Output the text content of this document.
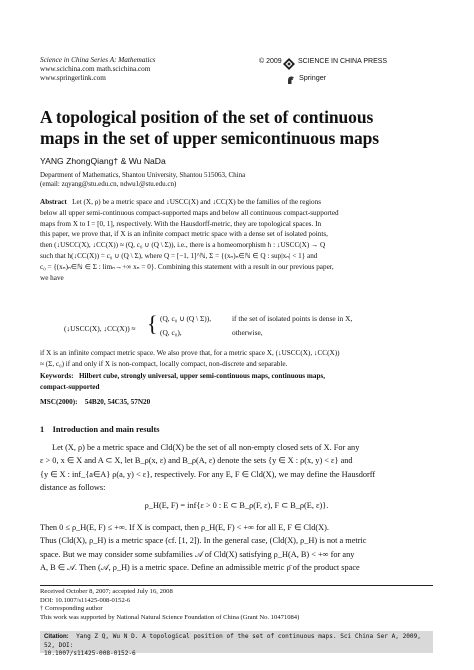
Science in China Series A: Mathematics
www.scichina.com math.scichina.com
www.springerlink.com
© 2009 SCIENCE IN CHINA PRESS
Springer
A topological position of the set of continuous
maps in the set of upper semicontinuous maps
YANG ZhongQiang† & Wu NaDa
Department of Mathematics, Shantou University, Shantou 515063, China
(email: zqyang@stu.edu.cn, ndwu1@stu.edu.cn)
Abstract Let (X, ρ) be a metric space and ↓USCC(X) and ↓CC(X) be the families of the regions
below all upper semi-continuous compact-supported maps and below all continuous compact-supported
maps from X to I = [0, 1], respectively. With the Hausdorff-metric, they are topological spaces. In
this paper, we prove that, if X is an infinite compact metric space with a dense set of isolated points,
then (↓USCC(X), ↓CC(X)) ≈ (Q, c₀ ∪ (Q \ Σ)), i.e., there is a homeomorphism h : ↓USCC(X) → Q
such that h(↓CC(X)) = c₀ ∪ (Q \ Σ), where Q = [−1, 1]^ℕ, Σ = {(xₙ)ₙ∈ℕ ∈ Q : sup|xₙ| < 1} and
c₀ = {(xₙ)ₙ∈ℕ ∈ Σ : limₙ→+∞ xₙ = 0}. Combining this statement with a result in our previous paper,
we have
(↓USCC(X), ↓CC(X)) ≈ { (Q, c₀ ∪ (Q \ Σ)),	if the set of isolated points is dense in X,
(Q, c₀),	otherwise,
if X is an infinite compact metric space. We also prove that, for a metric space X, (↓USCC(X), ↓CC(X))
≈ (Σ, c₀) if and only if X is non-compact, locally compact, non-discrete and separable.
Keywords: Hilbert cube, strongly universal, upper semi-continuous maps, continuous maps,
compact-supported
MSC(2000): 54B20, 54C35, 57N20
1 Introduction and main results
Let (X, ρ) be a metric space and Cld(X) be the set of all non-empty closed sets of X. For any
ε > 0, x ∈ X and A ⊂ X, let B_ρ(x, ε) and B_ρ(A, ε) denote the sets {y ∈ X : ρ(x, y) < ε} and
{y ∈ X : inf_{a∈A} ρ(a, y) < ε}, respectively. For any E, F ∈ Cld(X), we may define the Hausdorff
distance as follows:
ρ_H(E, F) = inf{ε > 0 : E ⊂ B_ρ(F, ε), F ⊂ B_ρ(E, ε)}.
Then 0 ≤ ρ_H(E, F) ≤ +∞. If X is compact, then ρ_H(E, F) < +∞ for all E, F ∈ Cld(X).
Thus (Cld(X), ρ_H) is a metric space (cf. [1, 2]). In the general case, (Cld(X), ρ_H) is not a metric
space. But we may consider some subfamilies 𝒜 of Cld(X) satisfying ρ_H(A, B) < +∞ for any
A, B ∈ 𝒜. Then (𝒜, ρ_H) is a metric space. Define an admissible metric ρ̄ of the product space
Received October 8, 2007; accepted July 16, 2008
DOI: 10.1007/s11425-008-0152-6
† Corresponding author
This work was supported by National Natural Science Foundation of China (Grant No. 10471084)
Citation: Yang Z Q, Wu N D. A topological position of the set of continuous maps. Sci China Ser A, 2009, 52, DOI:
10.1007/s11425-008-0152-6
